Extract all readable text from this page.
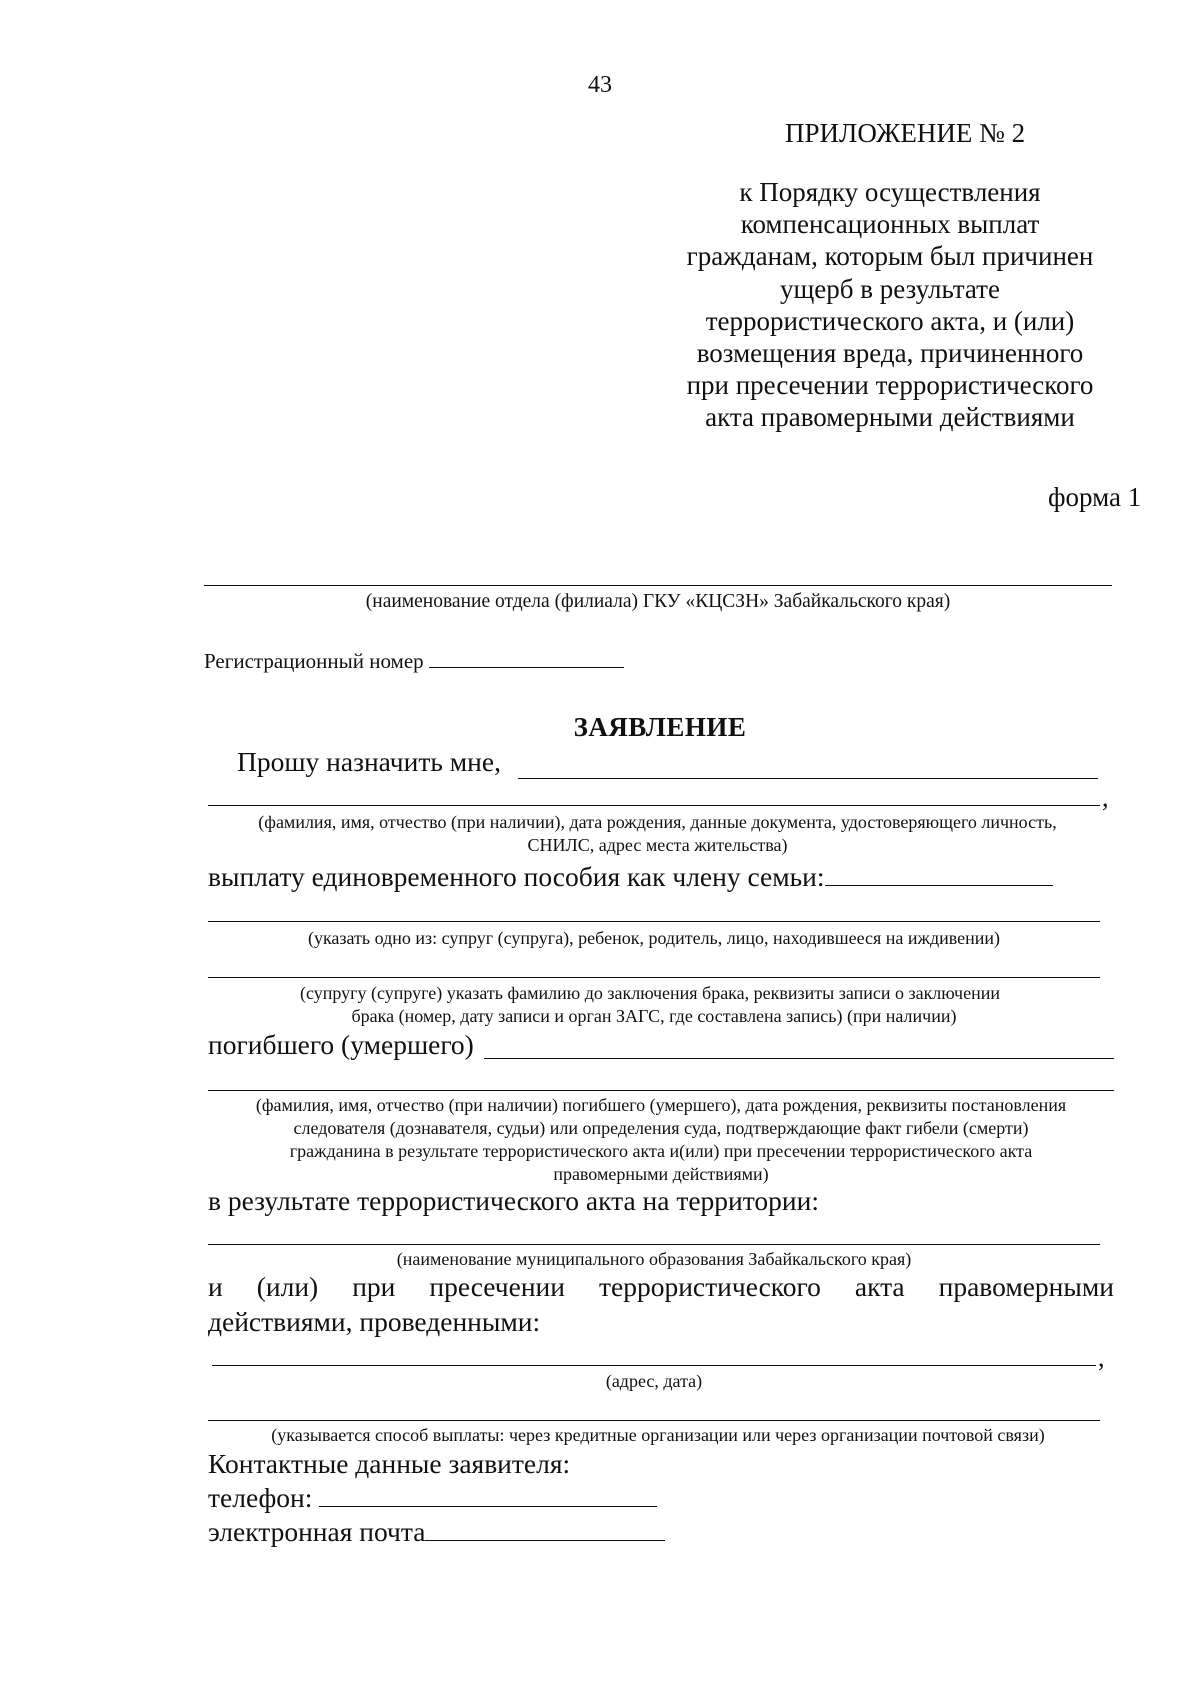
43
ПРИЛОЖЕНИЕ № 2
к Порядку осуществления
компенсационных выплат
гражданам, которым был причинен
ущерб в результате
террористического акта, и (или)
возмещения вреда, причиненного
при пресечении террористического
акта правомерными действиями
форма 1
(наименование отдела (филиала) ГКУ «КЦСЗН» Забайкальского края)
Регистрационный номер
ЗАЯВЛЕНИЕ
Прошу назначить мне,
,
(фамилия, имя, отчество (при наличии), дата рождения, данные документа, удостоверяющего личность,
СНИЛС, адрес места жительства)
выплату единовременного пособия как члену семьи:
(указать одно из: супруг (супруга), ребенок, родитель, лицо, находившееся на иждивении)
(супругу (супруге) указать фамилию до заключения брака, реквизиты записи о заключении
брака (номер, дату записи и орган ЗАГС, где составлена запись) (при наличии)
погибшего (умершего)
(фамилия, имя, отчество (при наличии) погибшего (умершего), дата рождения, реквизиты постановления
следователя (дознавателя, судьи) или определения суда, подтверждающие факт гибели (смерти)
гражданина в результате террористического акта и(или) при пресечении террористического акта
правомерными действиями)
в результате террористического акта на территории:
(наименование муниципального образования Забайкальского края)
и (или) при пресечении террористического акта правомерными
действиями, проведенными:
,
(адрес, дата)
(указывается способ выплаты: через кредитные организации или через организации почтовой связи)
Контактные данные заявителя:
телефон:
электронная почта
